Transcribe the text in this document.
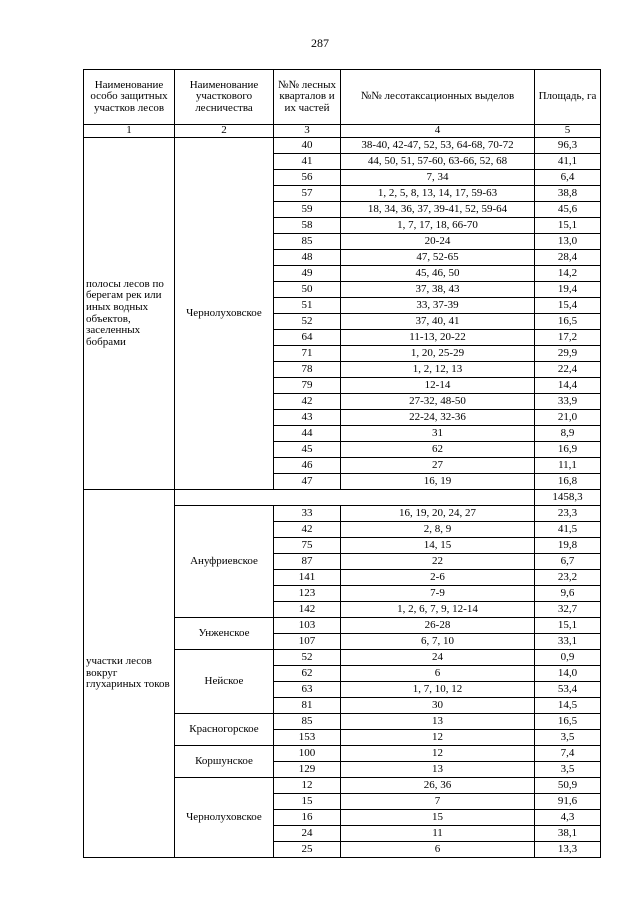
287
Наименование особо защитных участков лесов	Наименование участкового лесничества	№№ лесных кварталов и их частей	№№ лесотаксационных выделов	Площадь, га
1	2	3	4	5
полосы лесов по берегам рек или иных водных объектов, заселенных бобрами	Чернолуховское	40	38-40, 42-47, 52, 53, 64-68, 70-72	96,3
		41	44, 50, 51, 57-60, 63-66, 52, 68	41,1
		56	7, 34	6,4
		57	1, 2, 5, 8, 13, 14, 17, 59-63	38,8
		59	18, 34, 36, 37, 39-41, 52, 59-64	45,6
		58	1, 7, 17, 18, 66-70	15,1
		85	20-24	13,0
		48	47, 52-65	28,4
		49	45, 46, 50	14,2
		50	37, 38, 43	19,4
		51	33, 37-39	15,4
		52	37, 40, 41	16,5
		64	11-13, 20-22	17,2
		71	1, 20, 25-29	29,9
		78	1, 2, 12, 13	22,4
		79	12-14	14,4
		42	27-32, 48-50	33,9
		43	22-24, 32-36	21,0
		44	31	8,9
		45	62	16,9
		46	27	11,1
		47	16, 19	16,8
участки лесов вокруг глухариных токов				1458,3
	Ануфриевское	33	16, 19, 20, 24, 27	23,3
		42	2, 8, 9	41,5
		75	14, 15	19,8
		87	22	6,7
		141	2-6	23,2
		123	7-9	9,6
		142	1, 2, 6, 7, 9, 12-14	32,7
	Унженское	103	26-28	15,1
		107	6, 7, 10	33,1
	Нейское	52	24	0,9
		62	6	14,0
		63	1, 7, 10, 12	53,4
		81	30	14,5
	Красногорское	85	13	16,5
		153	12	3,5
	Коршунское	100	12	7,4
		129	13	3,5
	Чернолуховское	12	26, 36	50,9
		15	7	91,6
		16	15	4,3
		24	11	38,1
		25	6	13,3
